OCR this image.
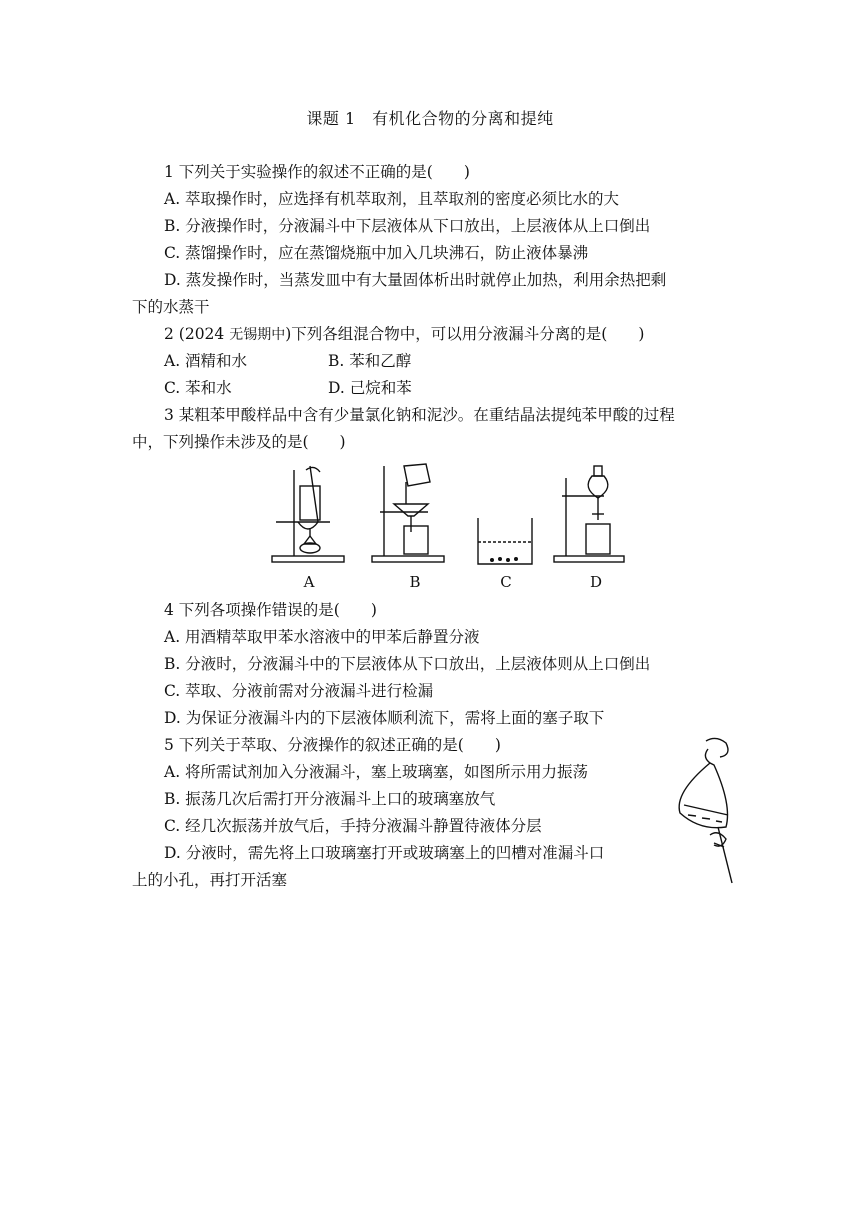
课题 1　有机化合物的分离和提纯
1 下列关于实验操作的叙述不正确的是(　　)
A. 萃取操作时，应选择有机萃取剂，且萃取剂的密度必须比水的大
B. 分液操作时，分液漏斗中下层液体从下口放出，上层液体从上口倒出
C. 蒸馏操作时，应在蒸馏烧瓶中加入几块沸石，防止液体暴沸
D. 蒸发操作时，当蒸发皿中有大量固体析出时就停止加热，利用余热把剩
下的水蒸干
2 (2024 无锡期中)下列各组混合物中，可以用分液漏斗分离的是(　　)
A. 酒精和水	B. 苯和乙醇
C. 苯和水	D. 己烷和苯
3 某粗苯甲酸样品中含有少量氯化钠和泥沙。在重结晶法提纯苯甲酸的过程
中，下列操作未涉及的是(　　)
A	B	C	D
4 下列各项操作错误的是(　　)
A. 用酒精萃取甲苯水溶液中的甲苯后静置分液
B. 分液时，分液漏斗中的下层液体从下口放出，上层液体则从上口倒出
C. 萃取、分液前需对分液漏斗进行检漏
D. 为保证分液漏斗内的下层液体顺利流下，需将上面的塞子取下
5 下列关于萃取、分液操作的叙述正确的是(　　)
A. 将所需试剂加入分液漏斗，塞上玻璃塞，如图所示用力振荡
B. 振荡几次后需打开分液漏斗上口的玻璃塞放气
C. 经几次振荡并放气后，手持分液漏斗静置待液体分层
D. 分液时，需先将上口玻璃塞打开或玻璃塞上的凹槽对准漏斗口
上的小孔，再打开活塞
